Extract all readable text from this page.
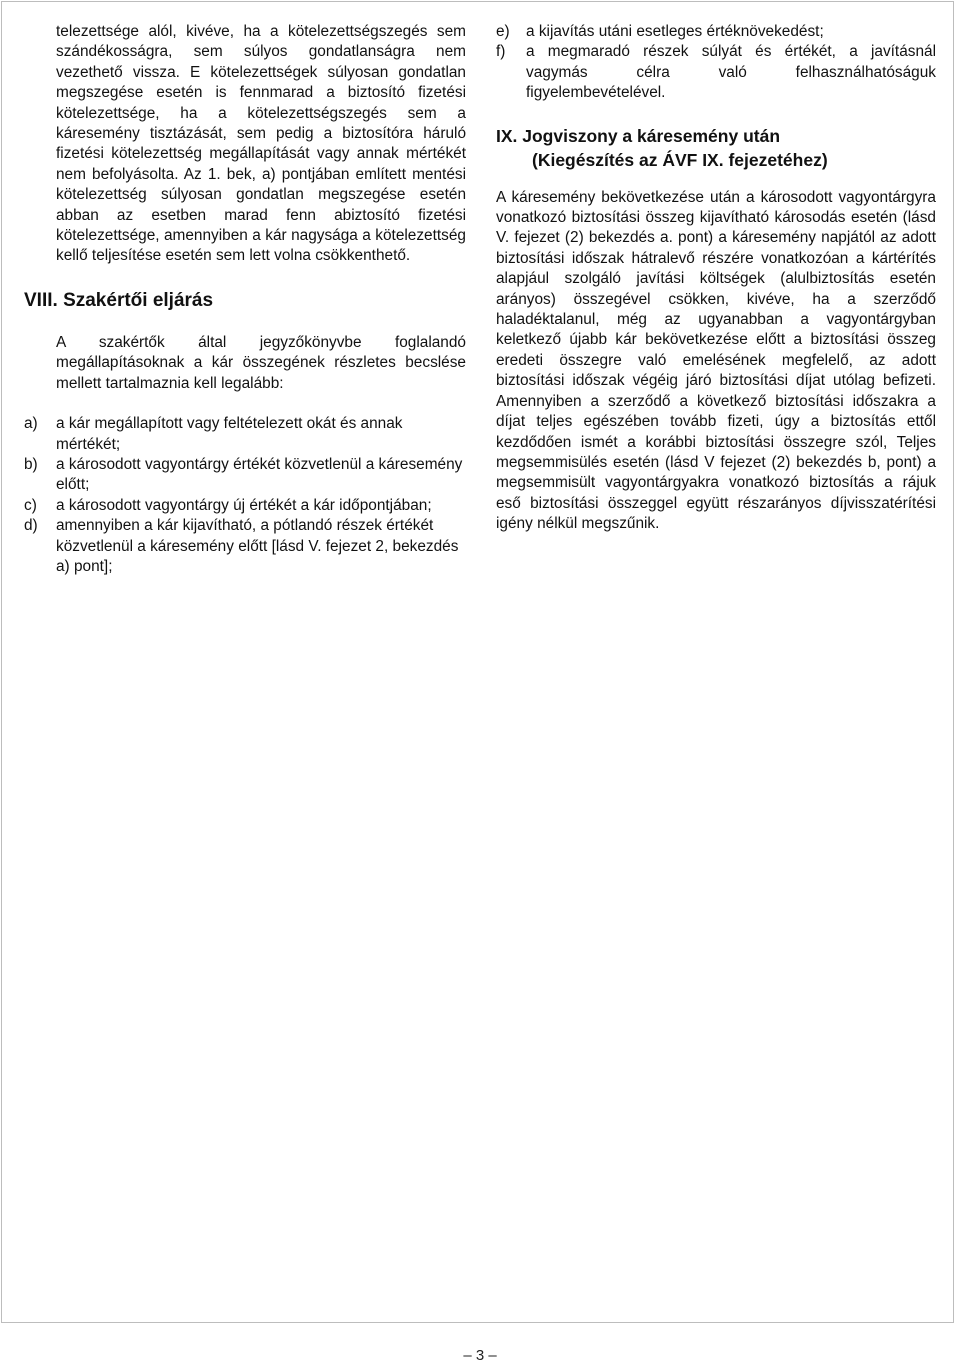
telezettsége alól, kivéve, ha a kötelezettségszegés sem szándékosságra, sem súlyos gondatlanságra nem vezethető vissza. E kötelezettségek súlyosan gondatlan megszegése esetén is fennmarad a biztosító fizetési kötelezettsége, ha a kötelezettségszegés sem a káresemény tisztázását, sem pedig a biztosítóra háruló fizetési kötelezettség megállapítását vagy annak mértékét nem befolyásolta. Az 1. bek, a) pontjában említett mentési kötelezettség súlyosan gondatlan megszegése esetén abban az esetben marad fenn abiztosító fizetési kötelezettsége, amennyiben a kár nagysága a kötelezettség kellő teljesítése esetén sem lett volna csökkenthető.

VIII. Szakértői eljárás

A szakértők által jegyzőkönyvbe foglalandó megállapításoknak a kár összegének részletes becslése mellett tartalmaznia kell legalább:

a)	a kár megállapított vagy feltételezett okát és annak mértékét;
b)	a károsodott vagyontárgy értékét közvetlenül a káresemény előtt;
c)	a károsodott vagyontárgy új értékét a kár időpontjában;
d)	amennyiben a kár kijavítható, a pótlandó részek értékét közvetlenül a káresemény előtt [lásd V. fejezet 2, bekezdés a) pont];
e)	a kijavítás utáni esetleges értéknövekedést;
f)	a megmaradó részek súlyát és értékét, a javításnál vagymás célra való felhasználhatóságuk figyelembevételével.
IX. Jogviszony a káresemény után
(Kiegészítés az ÁVF IX. fejezetéhez)

A káresemény bekövetkezése után a károsodott vagyontárgyra vonatkozó biztosítási összeg kijavítható károsodás esetén (lásd V. fejezet (2) bekezdés a. pont) a káresemény napjától az adott biztosítási időszak hátralevő részére vonatkozóan a kártérítés alapjául szolgáló javítási költségek (alulbiztosítás esetén arányos) összegével csökken, kivéve, ha a szerződő haladéktalanul, még az ugyanabban a vagyontárgyban keletkező újabb kár bekövetkezése előtt a biztosítási összeg eredeti összegre való emelésének megfelelő, az adott biztosítási időszak végéig járó biztosítási díjat utólag befizeti. Amennyiben a szerződő a következő biztosítási időszakra a díjat teljes egészében tovább fizeti, úgy a biztosítás ettől kezdődően ismét a korábbi biztosítási összegre szól, Teljes megsemmisülés esetén (lásd V fejezet (2) bekezdés b, pont) a megsemmisült vagyontárgyakra vonatkozó biztosítás a rájuk eső biztosítási összeggel együtt részarányos díjvisszatérítési igény nélkül megszűnik.

– 3 –
